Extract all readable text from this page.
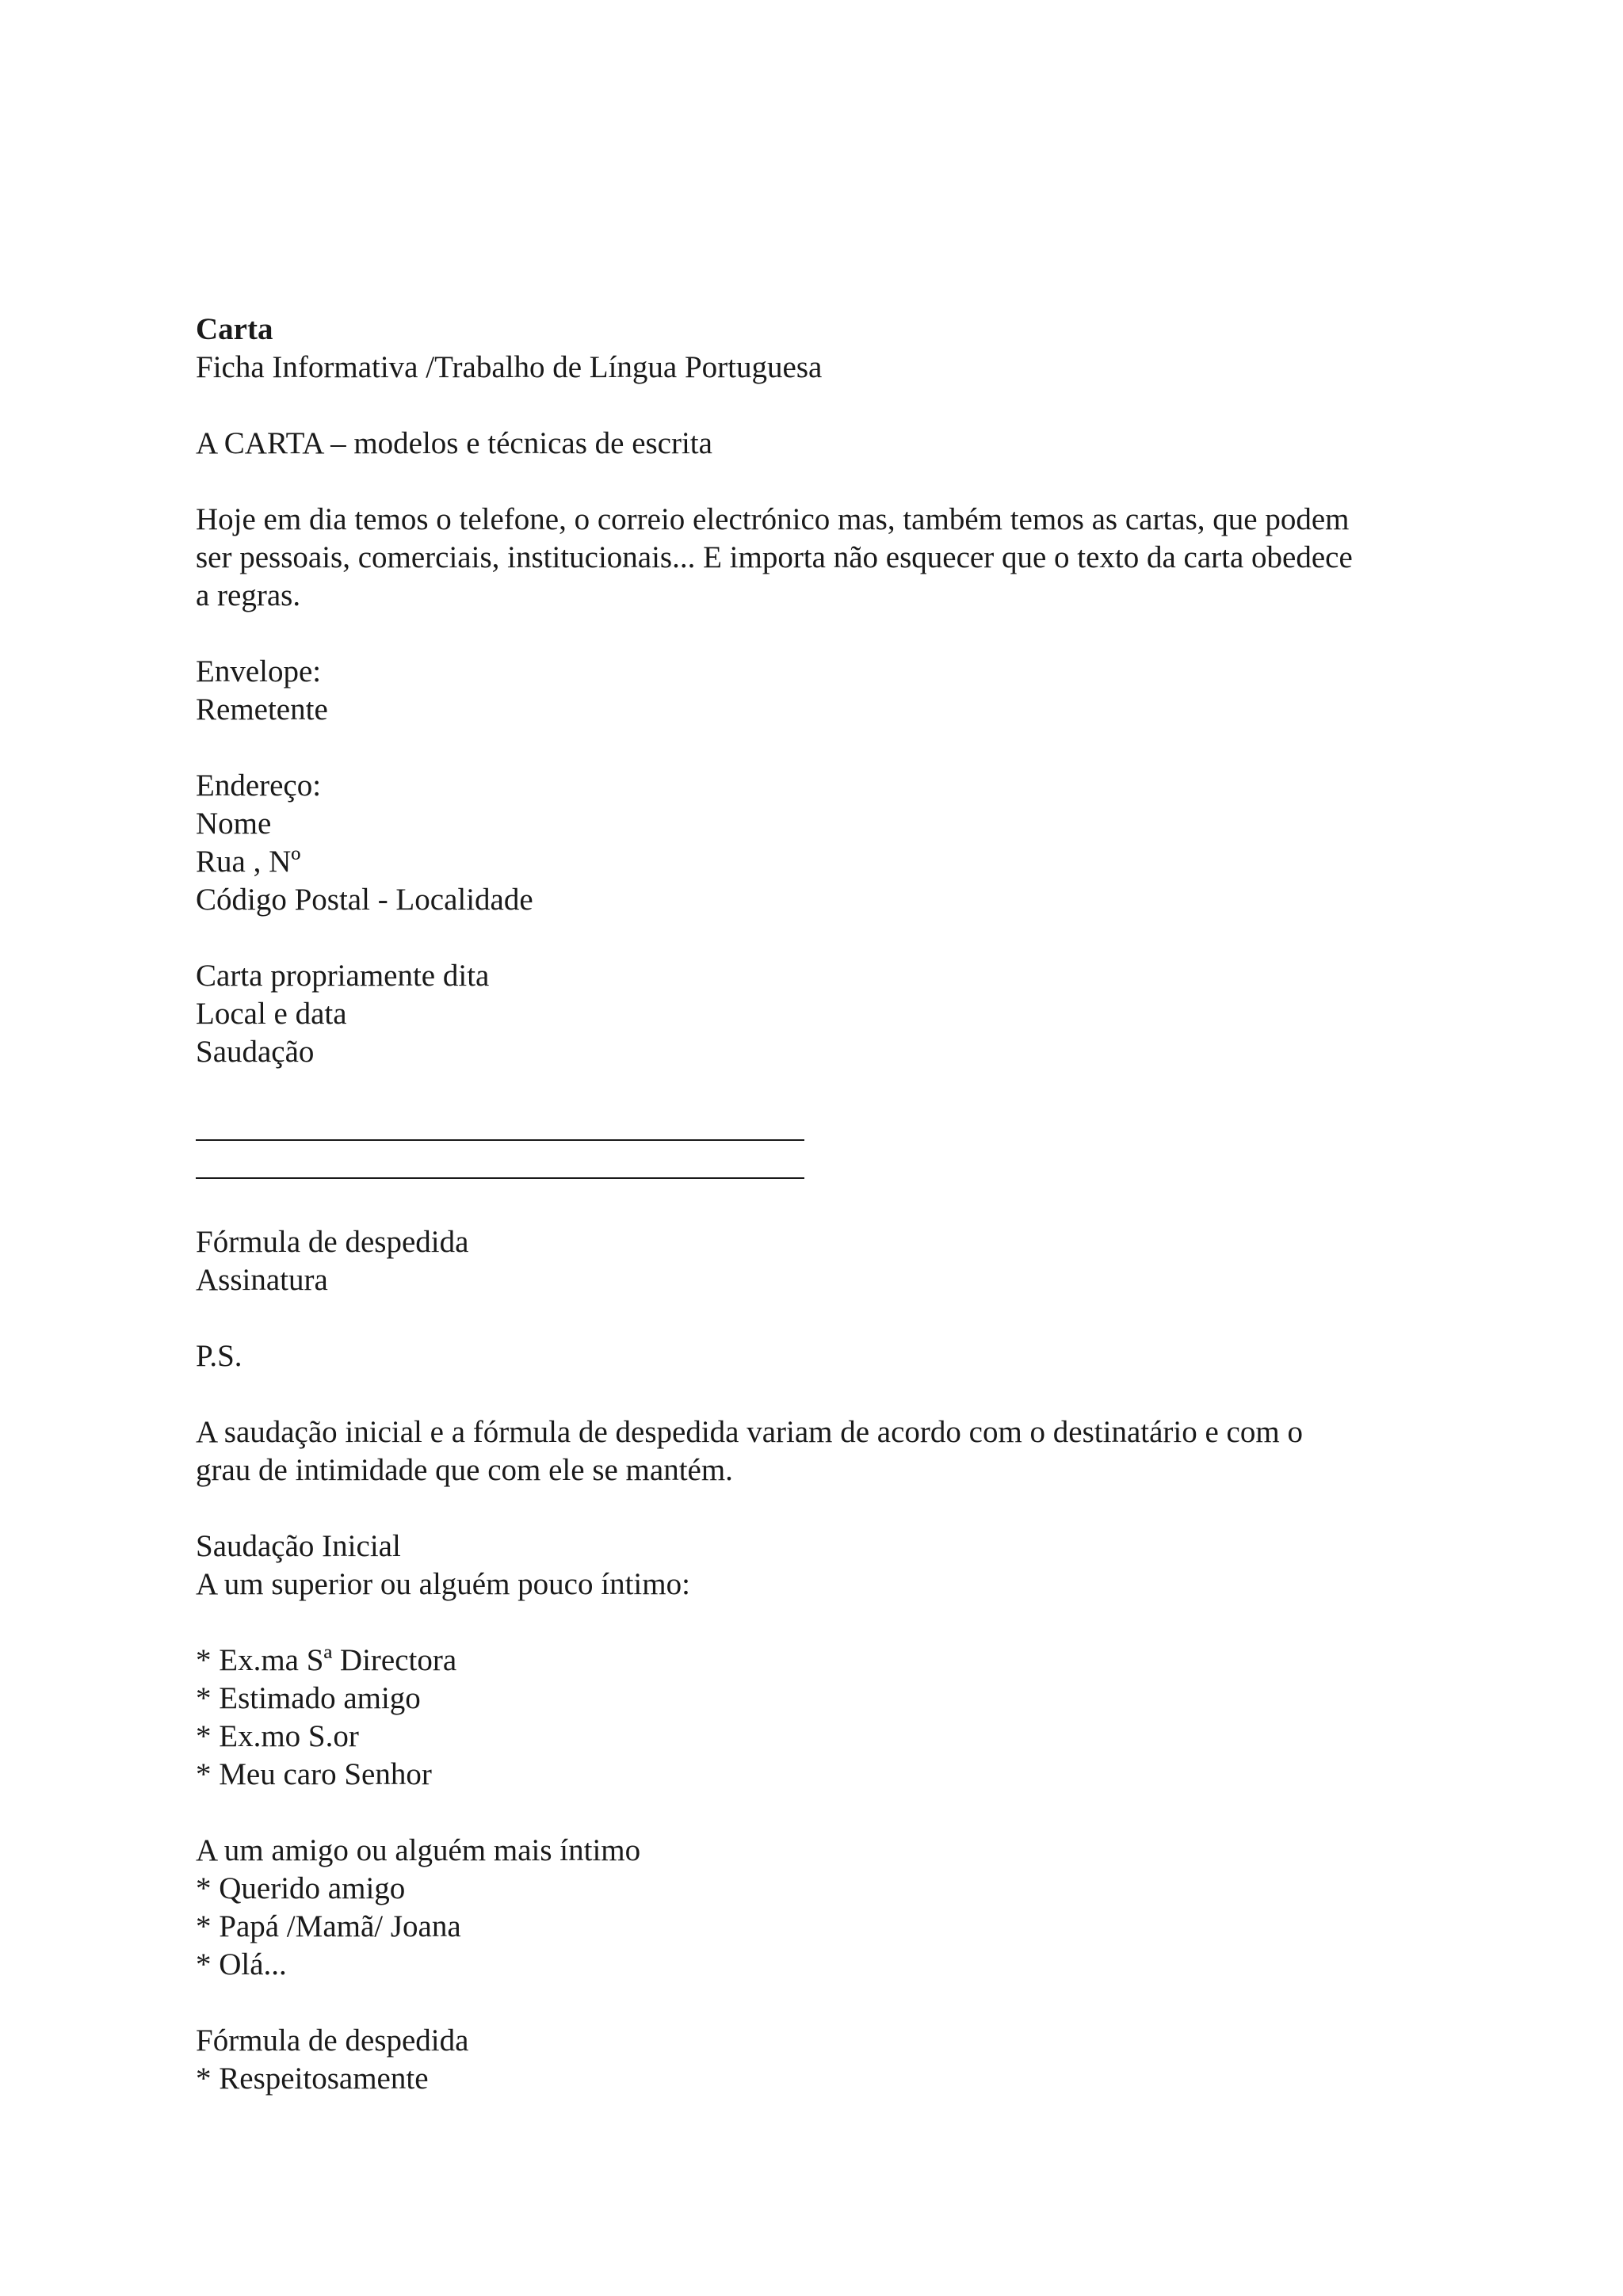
Carta
Ficha Informativa /Trabalho de Língua Portuguesa
A CARTA – modelos e técnicas de escrita
Hoje em dia temos o telefone, o correio electrónico mas, também temos as cartas, que podem
ser pessoais, comerciais, institucionais... E importa não esquecer que o texto da carta obedece
a regras.
Envelope:
Remetente
Endereço:
Nome
Rua , Nº
Código Postal - Localidade
Carta propriamente dita
Local e data
Saudação
Fórmula de despedida
Assinatura
P.S.
A saudação inicial e a fórmula de despedida variam de acordo com o destinatário e com o
grau de intimidade que com ele se mantém.
Saudação Inicial
A um superior ou alguém pouco íntimo:
* Ex.ma Sª Directora
* Estimado amigo
* Ex.mo S.or
* Meu caro Senhor
A um amigo ou alguém mais íntimo
* Querido amigo
* Papá /Mamã/ Joana
* Olá...
Fórmula de despedida
* Respeitosamente
